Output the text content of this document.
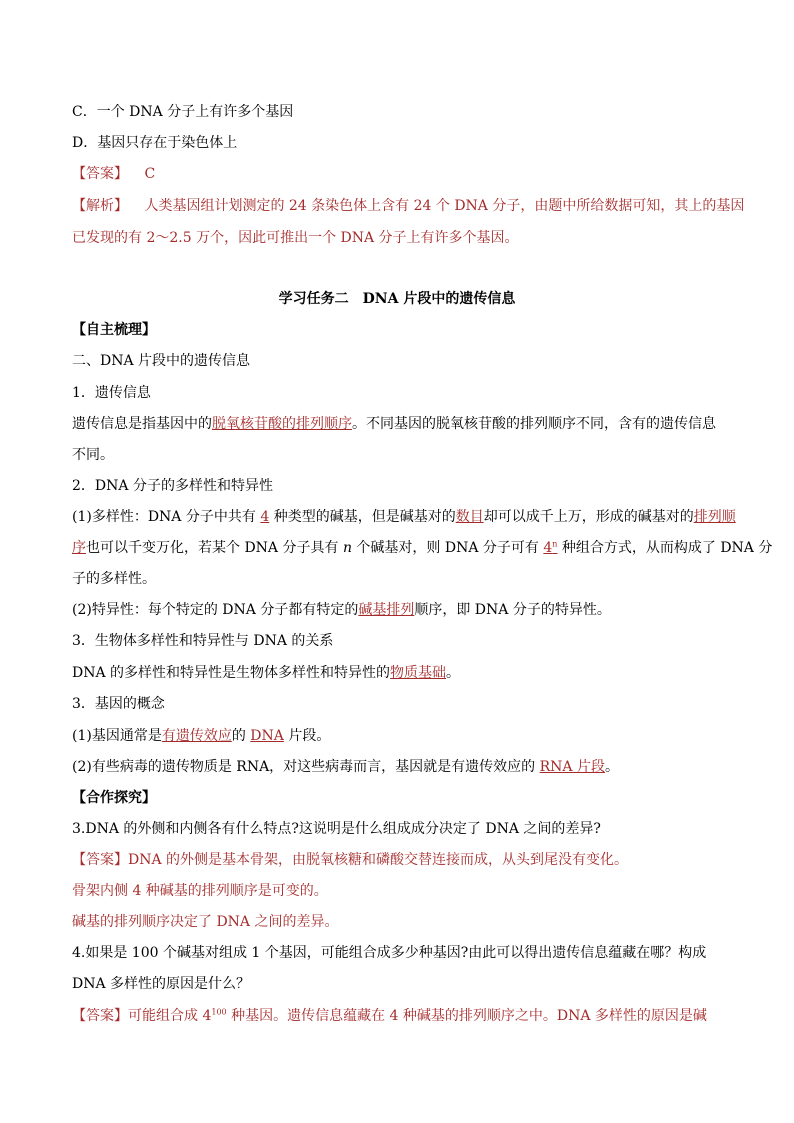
C．一个 DNA 分子上有许多个基因
D．基因只存在于染色体上
【答案】 C
【解析】 人类基因组计划测定的 24 条染色体上含有 24 个 DNA 分子，由题中所给数据可知，其上的基因
已发现的有 2～2.5 万个，因此可推出一个 DNA 分子上有许多个基因。
学习任务二　DNA 片段中的遗传信息
【自主梳理】
二、DNA 片段中的遗传信息
1．遗传信息
遗传信息是指基因中的脱氧核苷酸的排列顺序。不同基因的脱氧核苷酸的排列顺序不同，含有的遗传信息
不同。
2．DNA 分子的多样性和特异性
(1)多样性：DNA 分子中共有 4 种类型的碱基，但是碱基对的数目却可以成千上万，形成的碱基对的排列顺
序也可以千变万化，若某个 DNA 分子具有 n 个碱基对，则 DNA 分子可有 4$^n$ 种组合方式，从而构成了 DNA 分
子的多样性。
(2)特异性：每个特定的 DNA 分子都有特定的碱基排列顺序，即 DNA 分子的特异性。
3．生物体多样性和特异性与 DNA 的关系
DNA 的多样性和特异性是生物体多样性和特异性的物质基础。
3．基因的概念
(1)基因通常是有遗传效应的 DNA 片段。
(2)有些病毒的遗传物质是 RNA，对这些病毒而言，基因就是有遗传效应的 RNA 片段。
【合作探究】
3.DNA 的外侧和内侧各有什么特点?这说明是什么组成成分决定了 DNA 之间的差异?
【答案】DNA 的外侧是基本骨架，由脱氧核糖和磷酸交替连接而成，从头到尾没有变化。
骨架内侧 4 种碱基的排列顺序是可变的。
碱基的排列顺序决定了 DNA 之间的差异。
4.如果是 100 个碱基对组成 1 个基因，可能组合成多少种基因?由此可以得出遗传信息蕴藏在哪？构成
DNA 多样性的原因是什么？
【答案】可能组合成 $4^{100}$ 种基因。遗传信息蕴藏在 4 种碱基的排列顺序之中。DNA 多样性的原因是碱
